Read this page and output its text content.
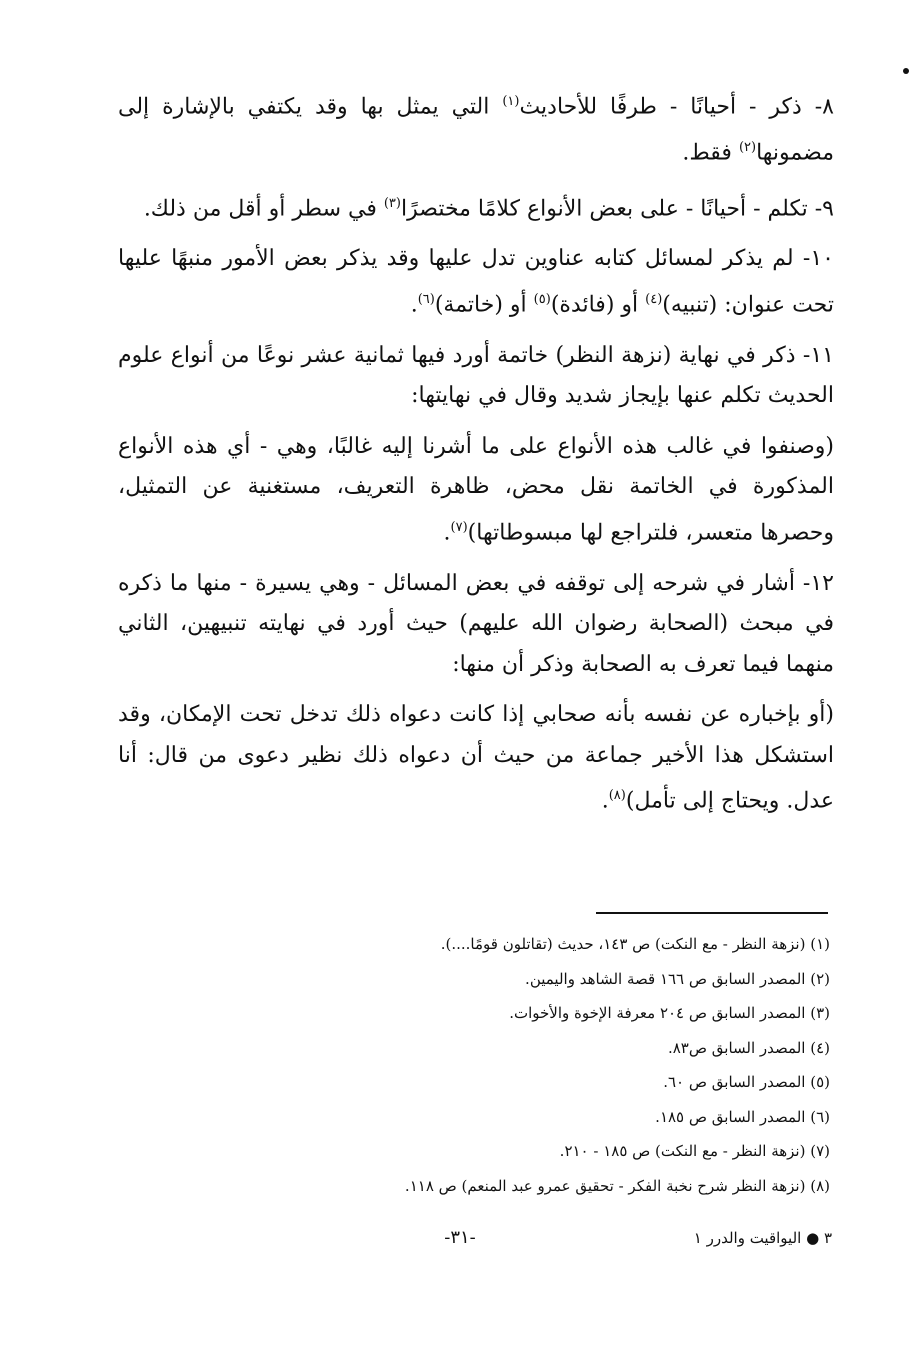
٨- ذكر - أحيانًا - طرفًا للأحاديث$^{(١)}$ التي يمثل بها وقد يكتفي بالإشارة إلى مضمونها$^{(٢)}$ فقط.

٩- تكلم - أحيانًا - على بعض الأنواع كلامًا مختصرًا$^{(٣)}$ في سطر أو أقل من ذلك.

١٠- لم يذكر لمسائل كتابه عناوين تدل عليها وقد يذكر بعض الأمور منبهًا عليها تحت عنوان: (تنبيه)$^{(٤)}$ أو (فائدة)$^{(٥)}$ أو (خاتمة)$^{(٦)}$.

١١- ذكر في نهاية (نزهة النظر) خاتمة أورد فيها ثمانية عشر نوعًا من أنواع علوم الحديث تكلم عنها بإيجاز شديد وقال في نهايتها:

(وصنفوا في غالب هذه الأنواع على ما أشرنا إليه غالبًا، وهي - أي هذه الأنواع المذكورة في الخاتمة نقل محض، ظاهرة التعريف، مستغنية عن التمثيل، وحصرها متعسر، فلتراجع لها مبسوطاتها)$^{(٧)}$.

١٢- أشار في شرحه إلى توقفه في بعض المسائل - وهي يسيرة - منها ما ذكره في مبحث (الصحابة رضوان الله عليهم) حيث أورد في نهايته تنبيهين، الثاني منهما فيما تعرف به الصحابة وذكر أن منها:

(أو بإخباره عن نفسه بأنه صحابي إذا كانت دعواه ذلك تدخل تحت الإمكان، وقد استشكل هذا الأخير جماعة من حيث أن دعواه ذلك نظير دعوى من قال: أنا عدل. ويحتاج إلى تأمل)$^{(٨)}$.

(١) (نزهة النظر - مع النكت) ص ١٤٣، حديث (تقاتلون قومًا....).
(٢) المصدر السابق ص ١٦٦ قصة الشاهد واليمين.
(٣) المصدر السابق ص ٢٠٤ معرفة الإخوة والأخوات.
(٤) المصدر السابق ص٨٣.
(٥) المصدر السابق ص ٦٠.
(٦) المصدر السابق ص ١٨٥.
(٧) (نزهة النظر - مع النكت) ص ١٨٥ - ٢١٠.
(٨) (نزهة النظر شرح نخبة الفكر - تحقيق عمرو عبد المنعم) ص ١١٨.
-٣١-	٣ ● اليواقيت والدرر ١
